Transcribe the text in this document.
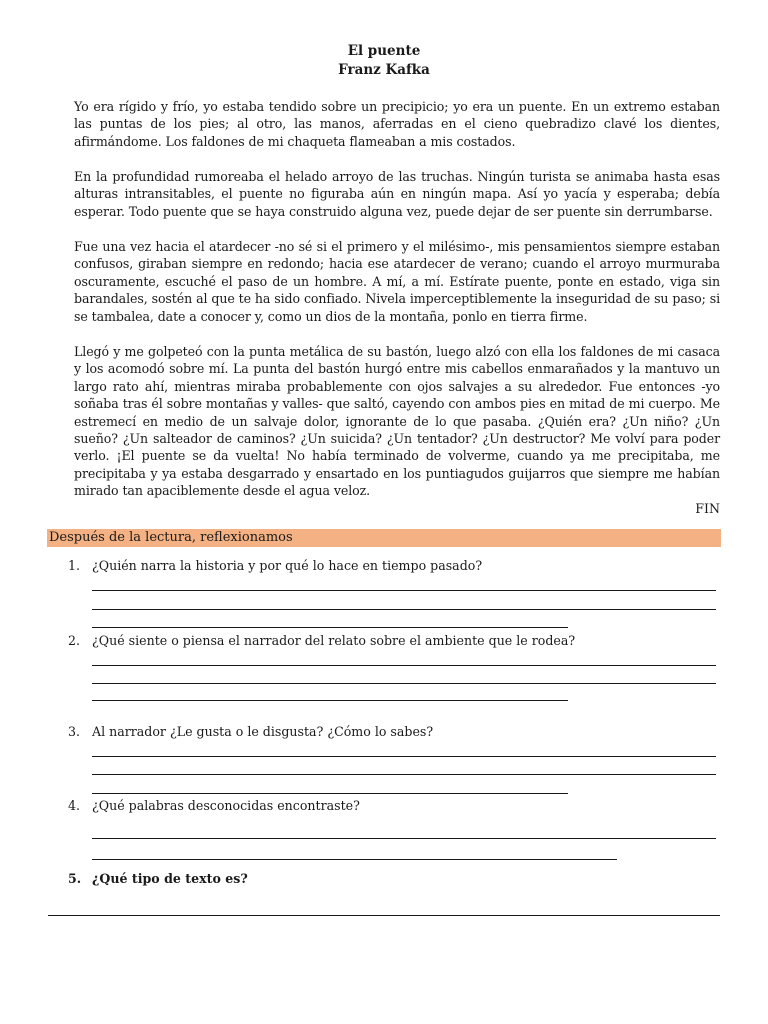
El puente
Franz Kafka

Yo era rígido y frío, yo estaba tendido sobre un precipicio; yo era un puente. En un extremo estaban las puntas de los pies; al otro, las manos, aferradas en el cieno quebradizo clavé los dientes, afirmándome. Los faldones de mi chaqueta flameaban a mis costados.

En la profundidad rumoreaba el helado arroyo de las truchas. Ningún turista se animaba hasta esas alturas intransitables, el puente no figuraba aún en ningún mapa. Así yo yacía y esperaba; debía esperar. Todo puente que se haya construido alguna vez, puede dejar de ser puente sin derrumbarse.

Fue una vez hacia el atardecer -no sé si el primero y el milésimo-, mis pensamientos siempre estaban confusos, giraban siempre en redondo; hacia ese atardecer de verano; cuando el arroyo murmuraba oscuramente, escuché el paso de un hombre. A mí, a mí. Estírate puente, ponte en estado, viga sin barandales, sostén al que te ha sido confiado. Nivela imperceptiblemente la inseguridad de su paso; si se tambalea, date a conocer y, como un dios de la montaña, ponlo en tierra firme.

Llegó y me golpeteó con la punta metálica de su bastón, luego alzó con ella los faldones de mi casaca y los acomodó sobre mí. La punta del bastón hurgó entre mis cabellos enmarañados y la mantuvo un largo rato ahí, mientras miraba probablemente con ojos salvajes a su alrededor. Fue entonces -yo soñaba tras él sobre montañas y valles- que saltó, cayendo con ambos pies en mitad de mi cuerpo. Me estremecí en medio de un salvaje dolor, ignorante de lo que pasaba. ¿Quién era? ¿Un niño? ¿Un sueño? ¿Un salteador de caminos? ¿Un suicida? ¿Un tentador? ¿Un destructor? Me volví para poder verlo. ¡El puente se da vuelta! No había terminado de volverme, cuando ya me precipitaba, me precipitaba y ya estaba desgarrado y ensartado en los puntiagudos guijarros que siempre me habían mirado tan apaciblemente desde el agua veloz.

FIN
Después de la lectura, reflexionamos
1. ¿Quién narra la historia y por qué lo hace en tiempo pasado?
2. ¿Qué siente o piensa el narrador del relato sobre el ambiente que le rodea?
3. Al narrador ¿Le gusta o le disgusta? ¿Cómo lo sabes?
4. ¿Qué palabras desconocidas encontraste?
5. ¿Qué tipo de texto es?
